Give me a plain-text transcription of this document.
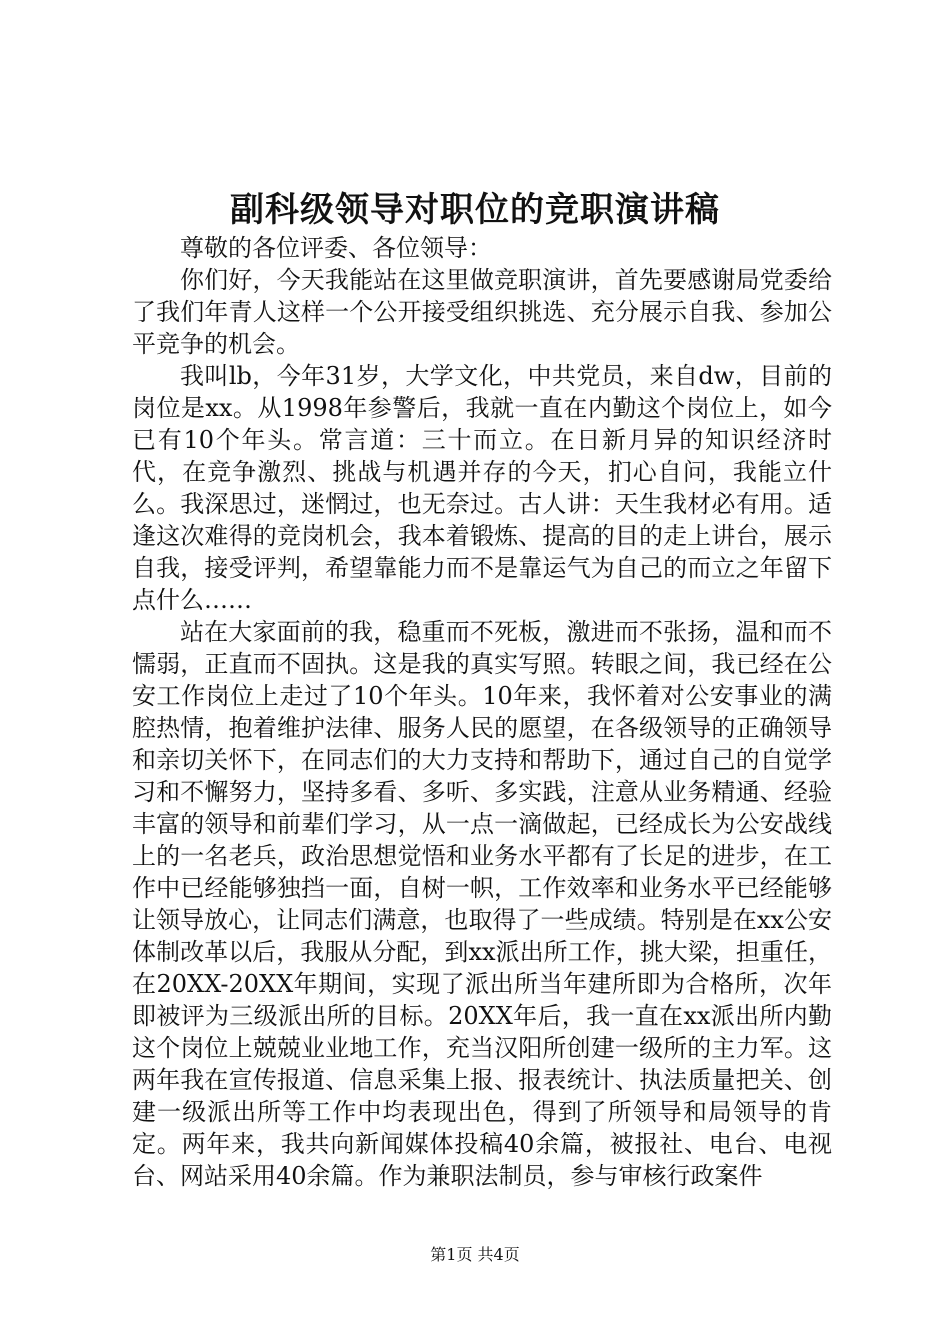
副科级领导对职位的竞职演讲稿

尊敬的各位评委、各位领导：

你们好，今天我能站在这里做竞职演讲，首先要感谢局党委给了我们年青人这样一个公开接受组织挑选、充分展示自我、参加公平竞争的机会。

我叫lb，今年31岁，大学文化，中共党员，来自dw，目前的岗位是xx。从1998年参警后，我就一直在内勤这个岗位上，如今已有10个年头。常言道：三十而立。在日新月异的知识经济时代，在竞争激烈、挑战与机遇并存的今天，扪心自问，我能立什么。我深思过，迷惘过，也无奈过。古人讲：天生我材必有用。适逢这次难得的竞岗机会，我本着锻炼、提高的目的走上讲台，展示自我，接受评判，希望靠能力而不是靠运气为自己的而立之年留下点什么……

站在大家面前的我，稳重而不死板，激进而不张扬，温和而不懦弱，正直而不固执。这是我的真实写照。转眼之间，我已经在公安工作岗位上走过了10个年头。10年来，我怀着对公安事业的满腔热情，抱着维护法律、服务人民的愿望，在各级领导的正确领导和亲切关怀下，在同志们的大力支持和帮助下，通过自己的自觉学习和不懈努力，坚持多看、多听、多实践，注意从业务精通、经验丰富的领导和前辈们学习，从一点一滴做起，已经成长为公安战线上的一名老兵，政治思想觉悟和业务水平都有了长足的进步，在工作中已经能够独挡一面，自树一帜，工作效率和业务水平已经能够让领导放心，让同志们满意，也取得了一些成绩。特别是在xx公安体制改革以后，我服从分配，到xx派出所工作，挑大梁，担重任，在20XX-20XX年期间，实现了派出所当年建所即为合格所，次年即被评为三级派出所的目标。20XX年后，我一直在xx派出所内勤这个岗位上兢兢业业地工作，充当汉阳所创建一级所的主力军。这两年我在宣传报道、信息采集上报、报表统计、执法质量把关、创建一级派出所等工作中均表现出色，得到了所领导和局领导的肯定。两年来，我共向新闻媒体投稿40余篇，被报社、电台、电视台、网站采用40余篇。作为兼职法制员，参与审核行政案件

第1页 共4页
